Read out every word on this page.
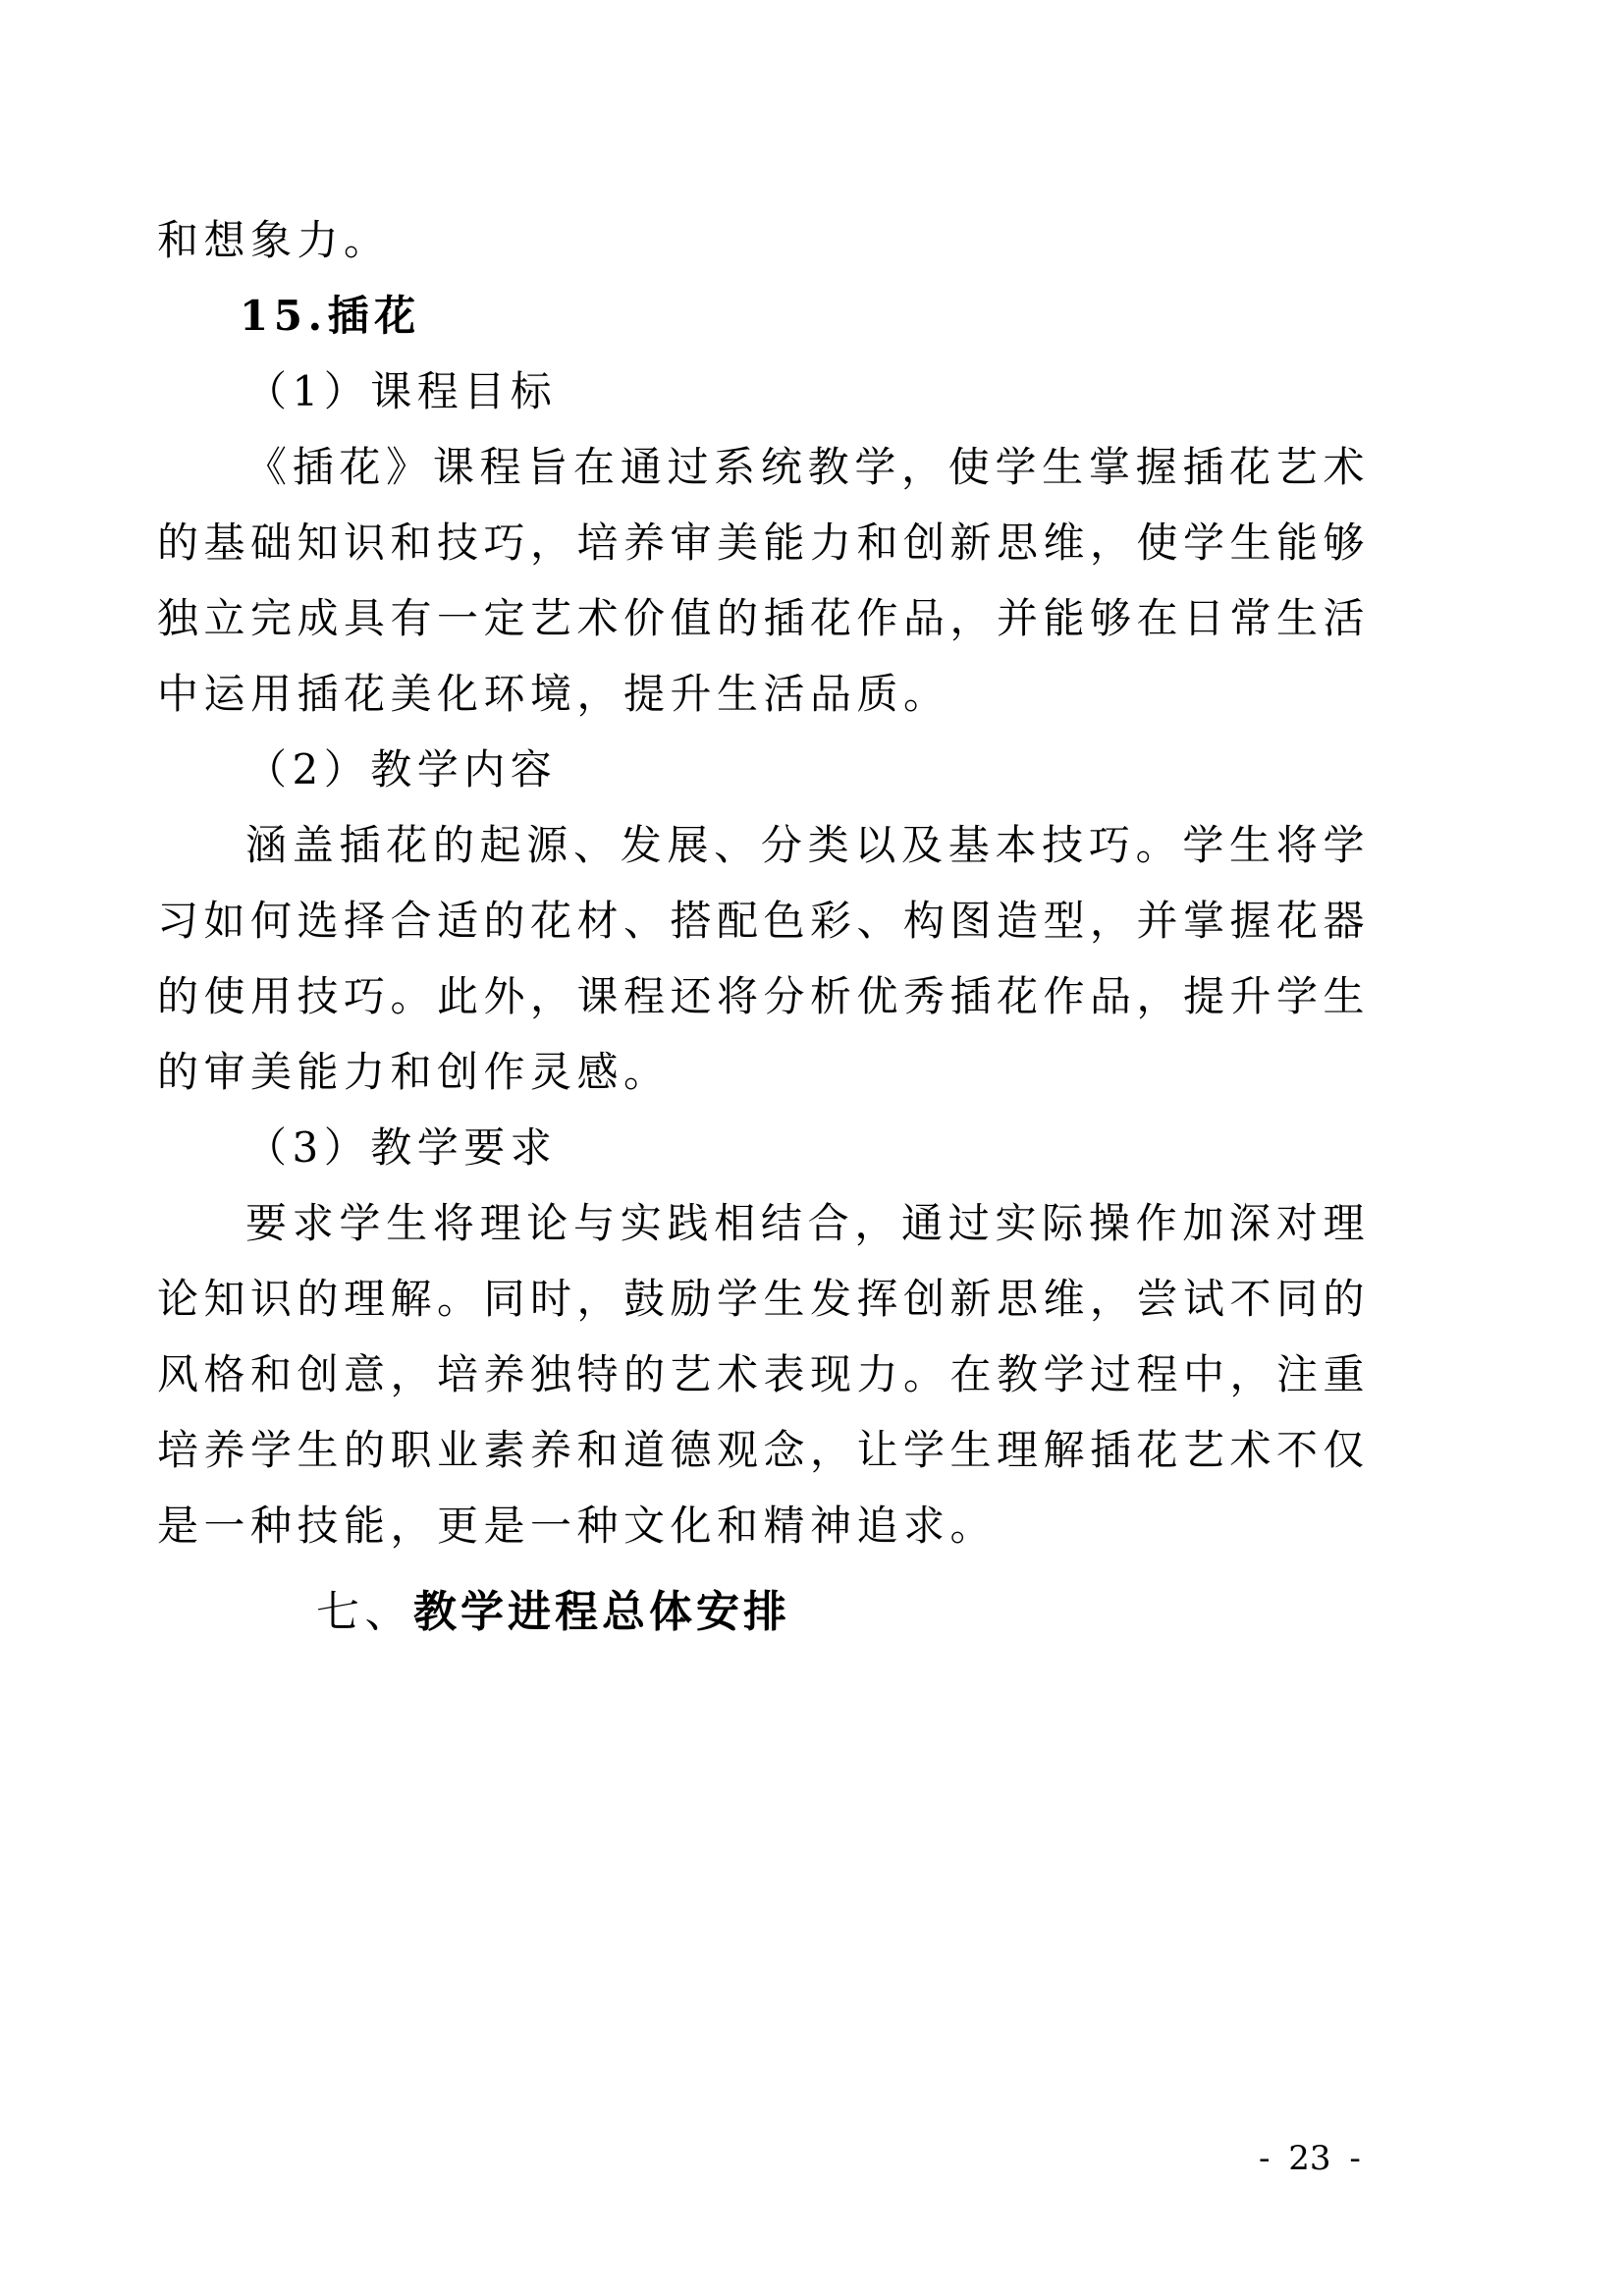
和想象力。

15.插花

（1）课程目标

《插花》课程旨在通过系统教学，使学生掌握插花艺术的基础知识和技巧，培养审美能力和创新思维，使学生能够独立完成具有一定艺术价值的插花作品，并能够在日常生活中运用插花美化环境，提升生活品质。

（2）教学内容

涵盖插花的起源、发展、分类以及基本技巧。学生将学习如何选择合适的花材、搭配色彩、构图造型，并掌握花器的使用技巧。此外，课程还将分析优秀插花作品，提升学生的审美能力和创作灵感。

（3）教学要求

要求学生将理论与实践相结合，通过实际操作加深对理论知识的理解。同时，鼓励学生发挥创新思维，尝试不同的风格和创意，培养独特的艺术表现力。在教学过程中，注重培养学生的职业素养和道德观念，让学生理解插花艺术不仅是一种技能，更是一种文化和精神追求。

七、教学进程总体安排

- 23 -
